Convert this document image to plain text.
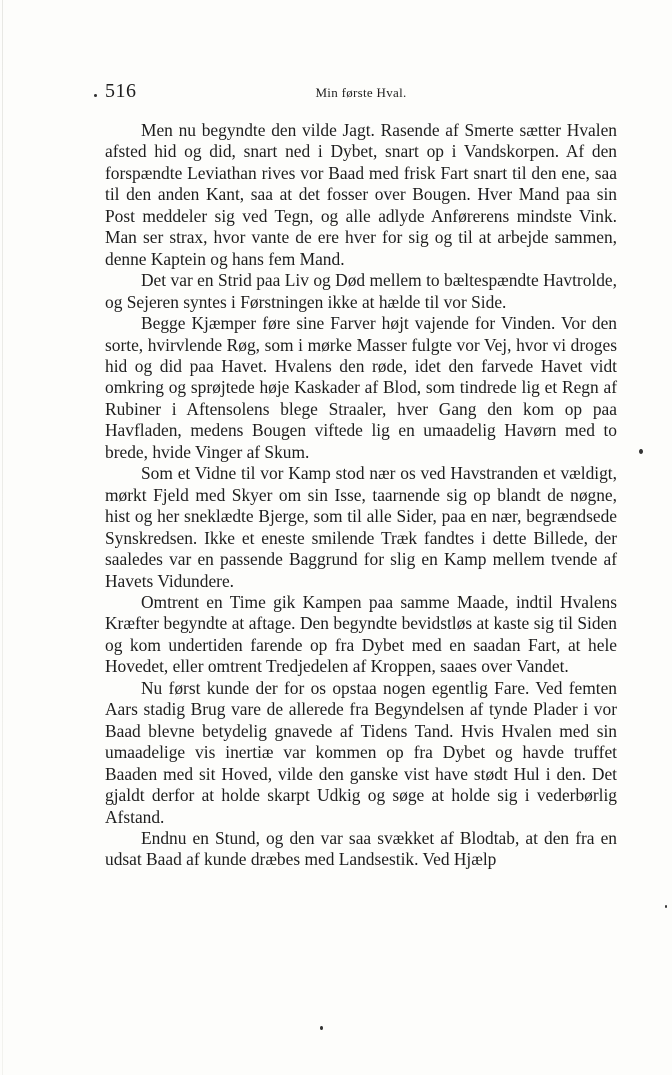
516	Min første Hval.

Men nu begyndte den vilde Jagt. Rasende af Smerte sætter Hvalen afsted hid og did, snart ned i Dybet, snart op i Vandskorpen. Af den forspændte Leviathan rives vor Baad med frisk Fart snart til den ene, saa til den anden Kant, saa at det fosser over Bougen. Hver Mand paa sin Post meddeler sig ved Tegn, og alle adlyde Anførerens mindste Vink. Man ser strax, hvor vante de ere hver for sig og til at arbejde sammen, denne Kaptein og hans fem Mand.

Det var en Strid paa Liv og Død mellem to bæltespændte Havtrolde, og Sejeren syntes i Førstningen ikke at hælde til vor Side.

Begge Kjæmper føre sine Farver højt vajende for Vinden. Vor den sorte, hvirvlende Røg, som i mørke Masser fulgte vor Vej, hvor vi droges hid og did paa Havet. Hvalens den røde, idet den farvede Havet vidt omkring og sprøjtede høje Kaskader af Blod, som tindrede lig et Regn af Rubiner i Aftensolens blege Straaler, hver Gang den kom op paa Havfladen, medens Bougen viftede lig en umaadelig Havørn med to brede, hvide Vinger af Skum.

Som et Vidne til vor Kamp stod nær os ved Havstranden et vældigt, mørkt Fjeld med Skyer om sin Isse, taarnende sig op blandt de nøgne, hist og her sneklædte Bjerge, som til alle Sider, paa en nær, begrændsede Synskredsen. Ikke et eneste smilende Træk fandtes i dette Billede, der saaledes var en passende Baggrund for slig en Kamp mellem tvende af Havets Vidundere.

Omtrent en Time gik Kampen paa samme Maade, indtil Hvalens Kræfter begyndte at aftage. Den begyndte bevidstløs at kaste sig til Siden og kom undertiden farende op fra Dybet med en saadan Fart, at hele Hovedet, eller omtrent Tredjedelen af Kroppen, saaes over Vandet.

Nu først kunde der for os opstaa nogen egentlig Fare. Ved femten Aars stadig Brug vare de allerede fra Begyndelsen af tynde Plader i vor Baad blevne betydelig gnavede af Tidens Tand. Hvis Hvalen med sin umaadelige vis inertiæ var kommen op fra Dybet og havde truffet Baaden med sit Hoved, vilde den ganske vist have stødt Hul i den. Det gjaldt derfor at holde skarpt Udkig og søge at holde sig i vederbørlig Afstand.

Endnu en Stund, og den var saa svækket af Blodtab, at den fra en udsat Baad af kunde dræbes med Landsestik. Ved Hjælp
